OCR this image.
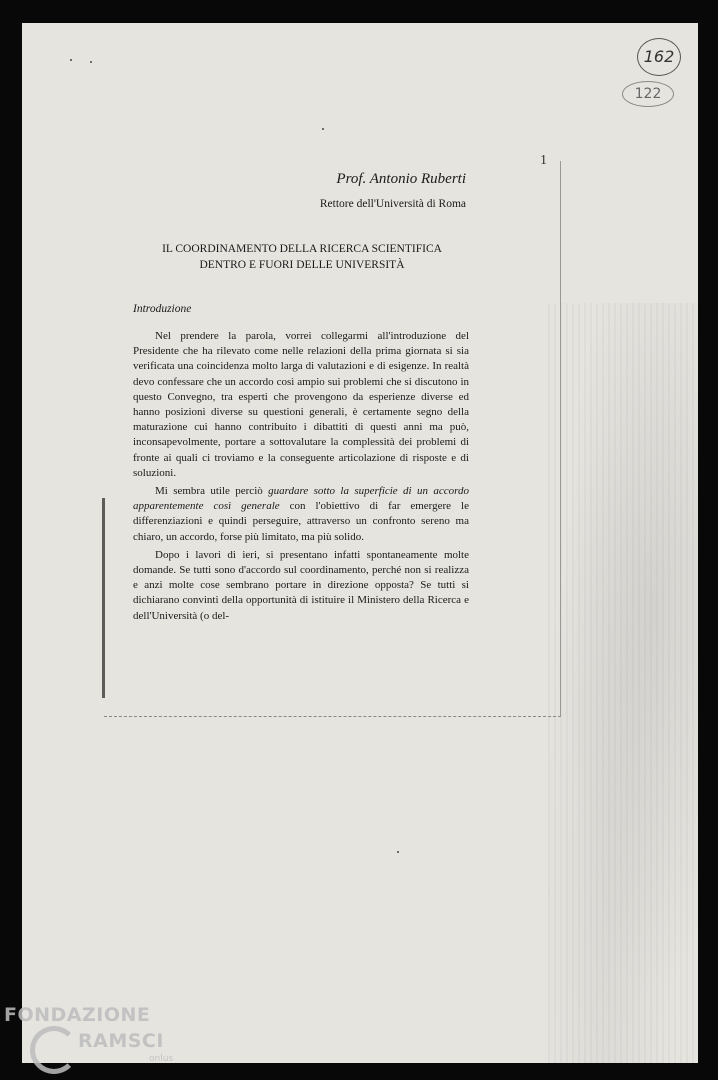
1
162
122
Prof. Antonio Ruberti
Rettore dell'Università di Roma
IL COORDINAMENTO DELLA RICERCA SCIENTIFICA
DENTRO E FUORI DELLE UNIVERSITÀ
Introduzione

Nel prendere la parola, vorrei collegarmi all'introduzione del Presidente che ha rilevato come nelle relazioni della prima giornata si sia verificata una coincidenza molto larga di valutazioni e di esigenze. In realtà devo confessare che un accordo così ampio sui problemi che si discutono in questo Convegno, tra esperti che provengono da esperienze diverse ed hanno posizioni diverse su questioni generali, è certamente segno della maturazione cui hanno contribuito i dibattiti di questi anni ma può, inconsapevolmente, portare a sottovalutare la complessità dei problemi di fronte ai quali ci troviamo e la conseguente articolazione di risposte e di soluzioni.

Mi sembra utile perciò guardare sotto la superficie di un accordo apparentemente così generale con l'obiettivo di far emergere le differenziazioni e quindi perseguire, attraverso un confronto sereno ma chiaro, un accordo, forse più limitato, ma più solido.

Dopo i lavori di ieri, si presentano infatti spontaneamente molte domande. Se tutti sono d'accordo sul coordinamento, perché non si realizza e anzi molte cose sembrano portare in direzione opposta? Se tutti si dichiarano convinti della opportunità di istituire il Ministero della Ricerca e dell'Università (o del-

FONDAZIONE
RAMSCI
onlus
